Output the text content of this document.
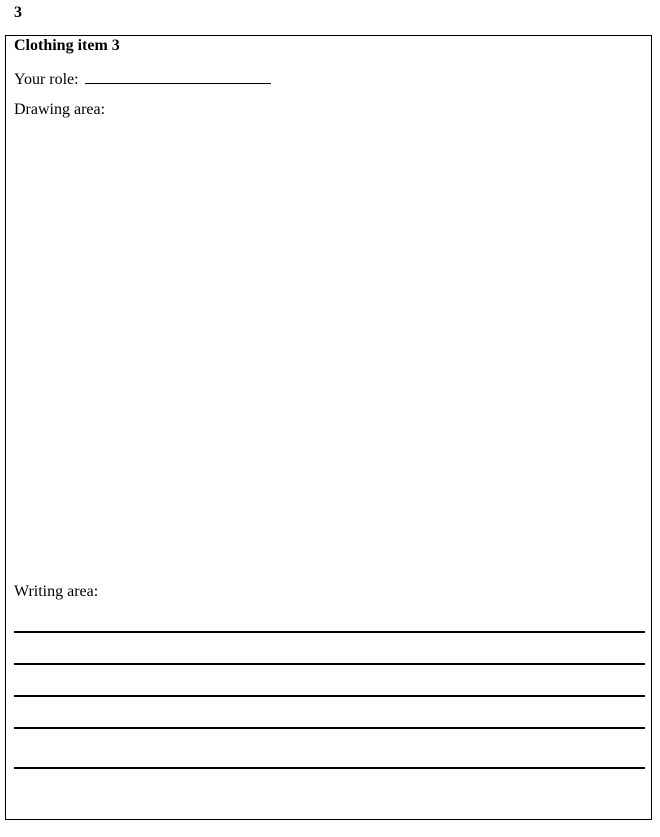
3
Clothing item 3
Your role:
Drawing area:
Writing area:
